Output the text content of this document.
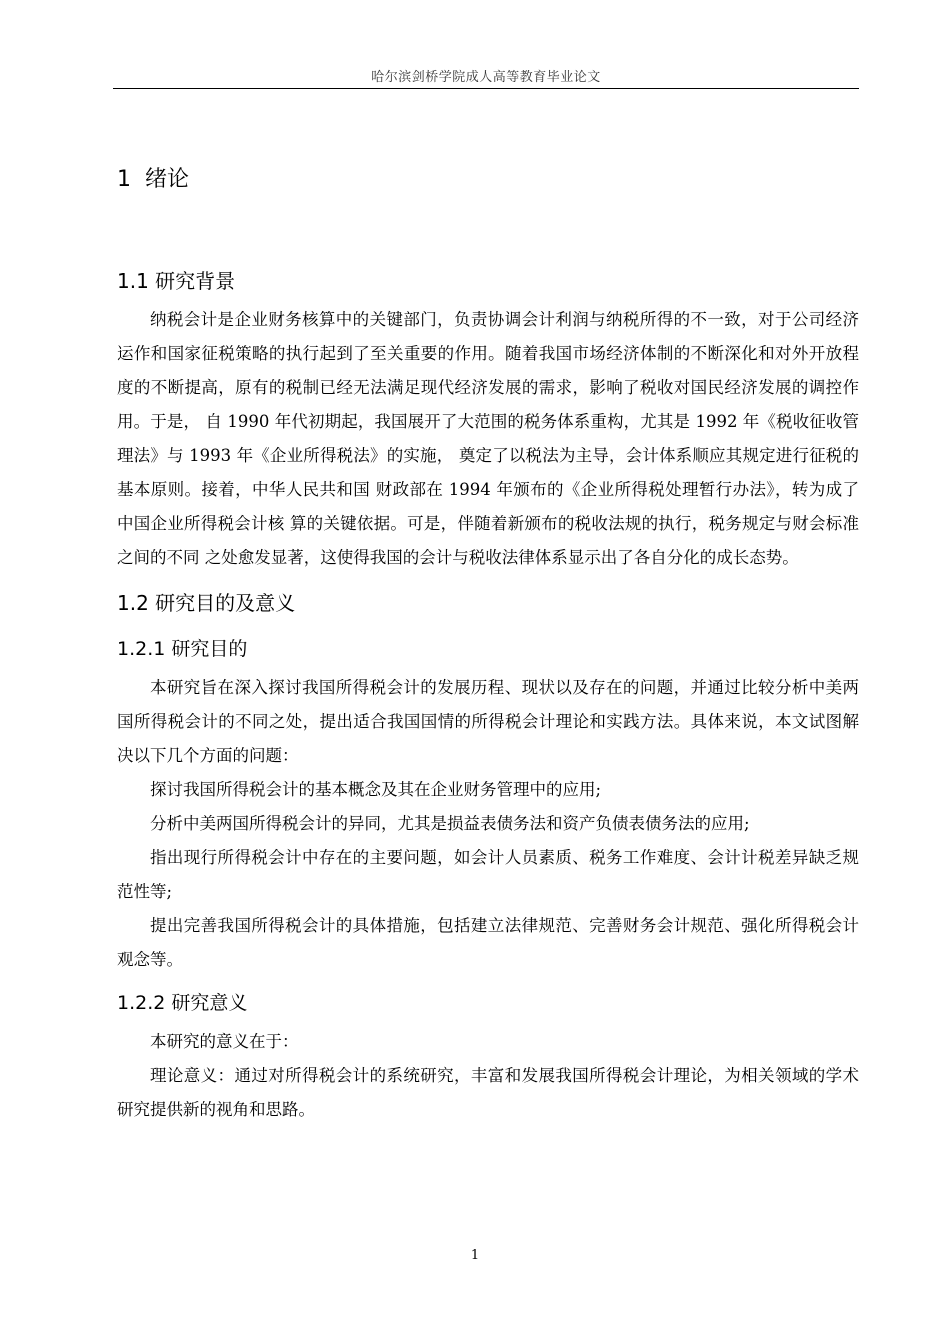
哈尔滨剑桥学院成人高等教育毕业论文
1 绪论
1.1 研究背景

纳税会计是企业财务核算中的关键部门，负责协调会计利润与纳税所得的不一致，对于公司经济运作和国家征税策略的执行起到了至关重要的作用。随着我国市场经济体制的不断深化和对外开放程度的不断提高，原有的税制已经无法满足现代经济发展的需求，影响了税收对国民经济发展的调控作用。于是， 自 1990 年代初期起，我国展开了大范围的税务体系重构，尤其是 1992 年《税收征收管理法》与 1993 年《企业所得税法》的实施， 奠定了以税法为主导，会计体系顺应其规定进行征税的基本原则。接着，中华人民共和国 财政部在 1994 年颁布的《企业所得税处理暂行办法》，转为成了中国企业所得税会计核 算的关键依据。可是，伴随着新颁布的税收法规的执行，税务规定与财会标准之间的不同 之处愈发显著，这使得我国的会计与税收法律体系显示出了各自分化的成长态势。

1.2 研究目的及意义
1.2.1 研究目的

本研究旨在深入探讨我国所得税会计的发展历程、现状以及存在的问题，并通过比较分析中美两国所得税会计的不同之处，提出适合我国国情的所得税会计理论和实践方法。具体来说，本文试图解决以下几个方面的问题：

探讨我国所得税会计的基本概念及其在企业财务管理中的应用;

分析中美两国所得税会计的异同，尤其是损益表债务法和资产负债表债务法的应用;

指出现行所得税会计中存在的主要问题，如会计人员素质、税务工作难度、会计计税差异缺乏规范性等;

提出完善我国所得税会计的具体措施，包括建立法律规范、完善财务会计规范、强化所得税会计观念等。

1.2.2 研究意义

本研究的意义在于：

理论意义：通过对所得税会计的系统研究，丰富和发展我国所得税会计理论，为相关领域的学术研究提供新的视角和思路。

1
